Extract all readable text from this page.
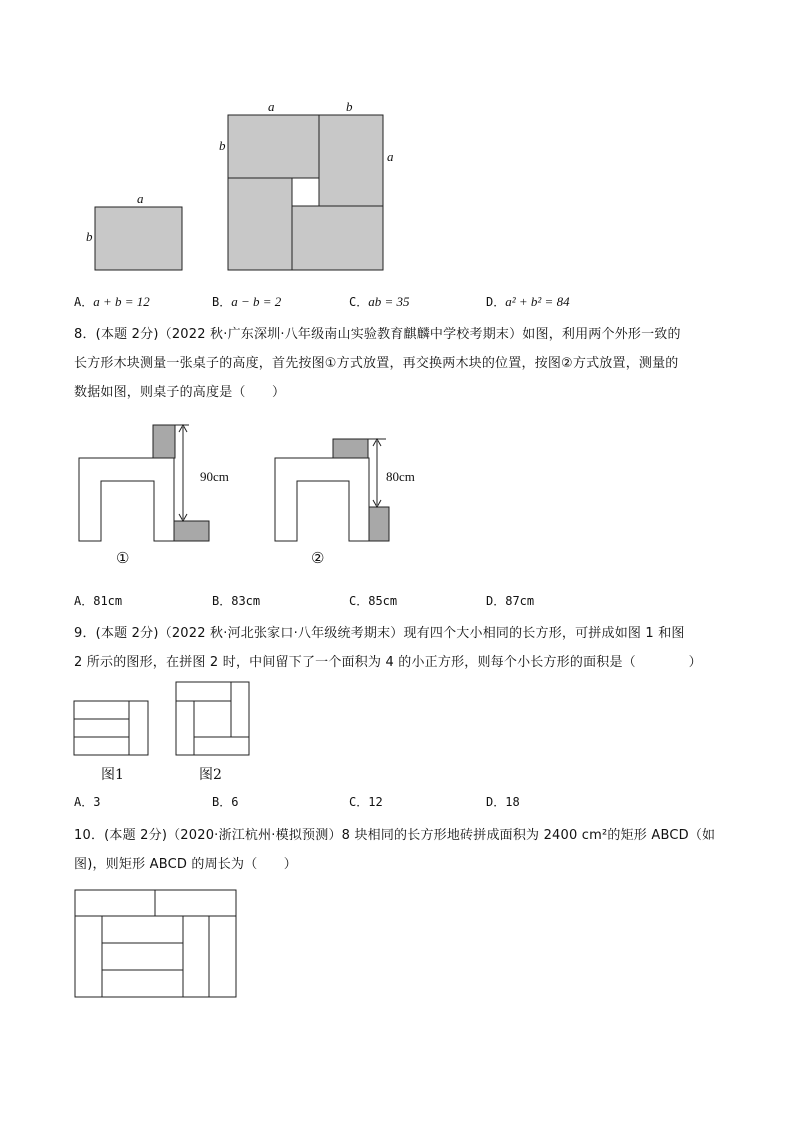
a
b
a	b
b
a
A．a + b = 12	B．a − b = 2	C．ab = 35	D．a² + b² = 84
8．(本题 2分)（2022 秋·广东深圳·八年级南山实验教育麒麟中学校考期末）如图，利用两个外形一致的
长方形木块测量一张桌子的高度，首先按图①方式放置，再交换两木块的位置，按图②方式放置，测量的
数据如图，则桌子的高度是（　　）
90cm	80cm
①	②
A．81cm	B．83cm	C．85cm	D．87cm
9．(本题 2分)（2022 秋·河北张家口·八年级统考期末）现有四个大小相同的长方形，可拼成如图 1 和图
2 所示的图形，在拼图 2 时，中间留下了一个面积为 4 的小正方形，则每个小长方形的面积是（　　　　）
图1	图2
A．3	B．6	C．12	D．18
10．(本题 2分)（2020·浙江杭州·模拟预测）8 块相同的长方形地砖拼成面积为 2400 cm²的矩形 ABCD（如
图)，则矩形 ABCD 的周长为（　　）
